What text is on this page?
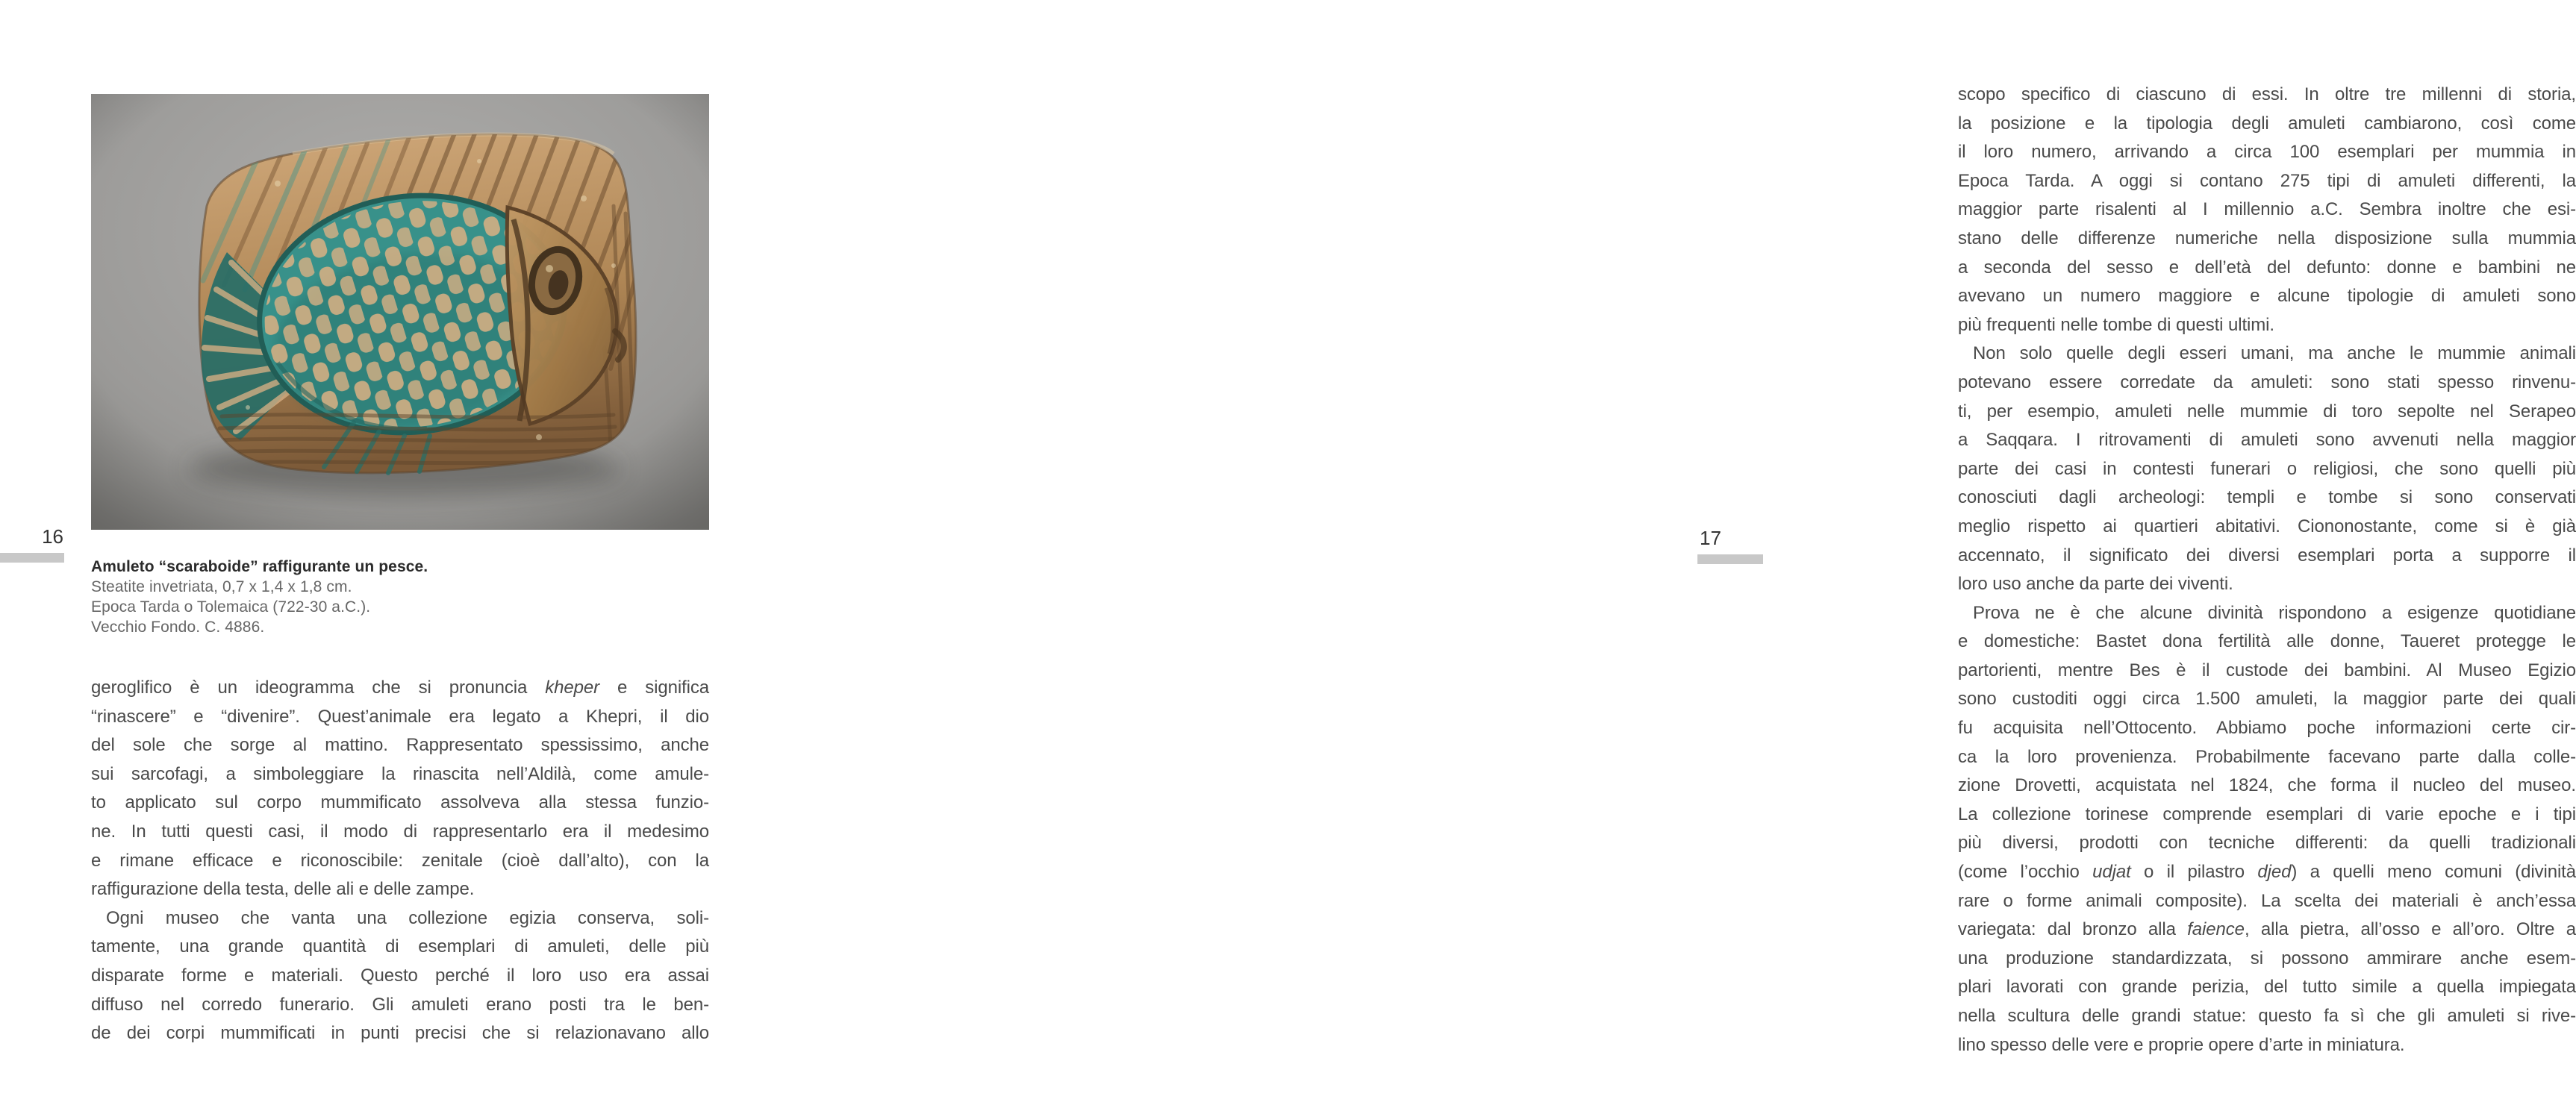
Amuleto “scaraboide” raffigurante un pesce.
Steatite invetriata, 0,7 x 1,4 x 1,8 cm.
Epoca Tarda o Tolemaica (722-30 a.C.).
Vecchio Fondo. C. 4886.
geroglifico è un ideogramma che si pronuncia kheper e significa
“rinascere” e “divenire”. Quest’animale era legato a Khepri, il dio
del sole che sorge al mattino. Rappresentato spessissimo, anche
sui sarcofagi, a simboleggiare la rinascita nell’Aldilà, come amule-
to applicato sul corpo mummificato assolveva alla stessa funzio-
ne. In tutti questi casi, il modo di rappresentarlo era il medesimo
e rimane efficace e riconoscibile: zenitale (cioè dall’alto), con la
raffigurazione della testa, delle ali e delle zampe.
Ogni museo che vanta una collezione egizia conserva, soli-
tamente, una grande quantità di esemplari di amuleti, delle più
disparate forme e materiali. Questo perché il loro uso era assai
diffuso nel corredo funerario. Gli amuleti erano posti tra le ben-
de dei corpi mummificati in punti precisi che si relazionavano allo
16
scopo specifico di ciascuno di essi. In oltre tre millenni di storia,
la posizione e la tipologia degli amuleti cambiarono, così come
il loro numero, arrivando a circa 100 esemplari per mummia in
Epoca Tarda. A oggi si contano 275 tipi di amuleti differenti, la
maggior parte risalenti al I millennio a.C. Sembra inoltre che esi-
stano delle differenze numeriche nella disposizione sulla mummia
a seconda del sesso e dell’età del defunto: donne e bambini ne
avevano un numero maggiore e alcune tipologie di amuleti sono
più frequenti nelle tombe di questi ultimi.
Non solo quelle degli esseri umani, ma anche le mummie animali
potevano essere corredate da amuleti: sono stati spesso rinvenu-
ti, per esempio, amuleti nelle mummie di toro sepolte nel Serapeo
a Saqqara. I ritrovamenti di amuleti sono avvenuti nella maggior
parte dei casi in contesti funerari o religiosi, che sono quelli più
conosciuti dagli archeologi: templi e tombe si sono conservati
meglio rispetto ai quartieri abitativi. Ciononostante, come si è già
accennato, il significato dei diversi esemplari porta a supporre il
loro uso anche da parte dei viventi.
Prova ne è che alcune divinità rispondono a esigenze quotidiane
e domestiche: Bastet dona fertilità alle donne, Taueret protegge le
partorienti, mentre Bes è il custode dei bambini. Al Museo Egizio
sono custoditi oggi circa 1.500 amuleti, la maggior parte dei quali
fu acquisita nell’Ottocento. Abbiamo poche informazioni certe cir-
ca la loro provenienza. Probabilmente facevano parte dalla colle-
zione Drovetti, acquistata nel 1824, che forma il nucleo del museo.
La collezione torinese comprende esemplari di varie epoche e i tipi
più diversi, prodotti con tecniche differenti: da quelli tradizionali
(come l’occhio udjat o il pilastro djed) a quelli meno comuni (divinità
rare o forme animali composite). La scelta dei materiali è anch’essa
variegata: dal bronzo alla faience, alla pietra, all’osso e all’oro. Oltre a
una produzione standardizzata, si possono ammirare anche esem-
plari lavorati con grande perizia, del tutto simile a quella impiegata
nella scultura delle grandi statue: questo fa sì che gli amuleti si rive-
lino spesso delle vere e proprie opere d’arte in miniatura.
17
